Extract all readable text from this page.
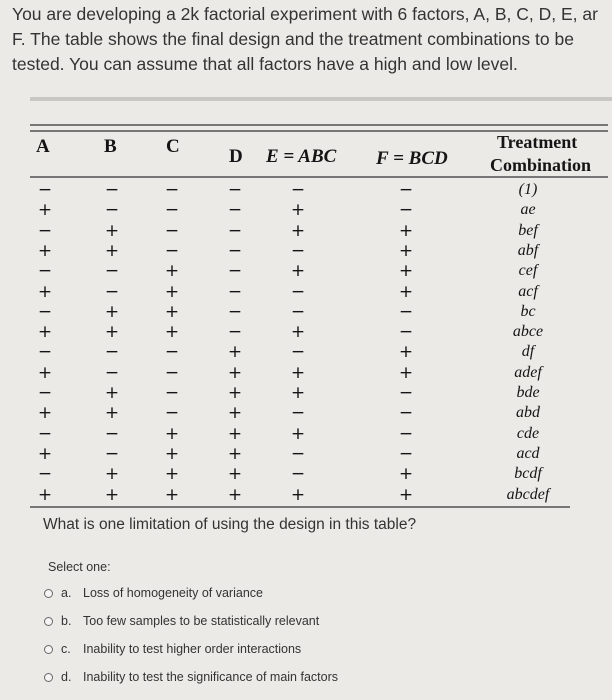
You are developing a 2k factorial experiment with 6 factors, A, B, C, D, E, ar
F. The table shows the final design and the treatment combinations to be
tested. You can assume that all factors have a high and low level.
A	B	C	D E = ABC F = BCD
Treatment
Combination
−	−	−	−	−	−	(1)
+	−	−	−	+	−	ae
−	+	−	−	+	+	bef
+	+	−	−	−	+	abf
−	−	+	−	+	+	cef
+	−	+	−	−	+	acf
−	+	+	−	−	−	bc
+	+	+	−	+	−	abce
−	−	−	+	−	+	df
+	−	−	+	+	+	adef
−	+	−	+	+	−	bde
+	+	−	+	−	−	abd
−	−	+	+	+	−	cde
+	−	+	+	−	−	acd
−	+	+	+	−	+	bcdf
+	+	+	+	+	+	abcdef
What is one limitation of using the design in this table?
Select one:
a. Loss of homogeneity of variance
b. Too few samples to be statistically relevant
c. Inability to test higher order interactions
d. Inability to test the significance of main factors
